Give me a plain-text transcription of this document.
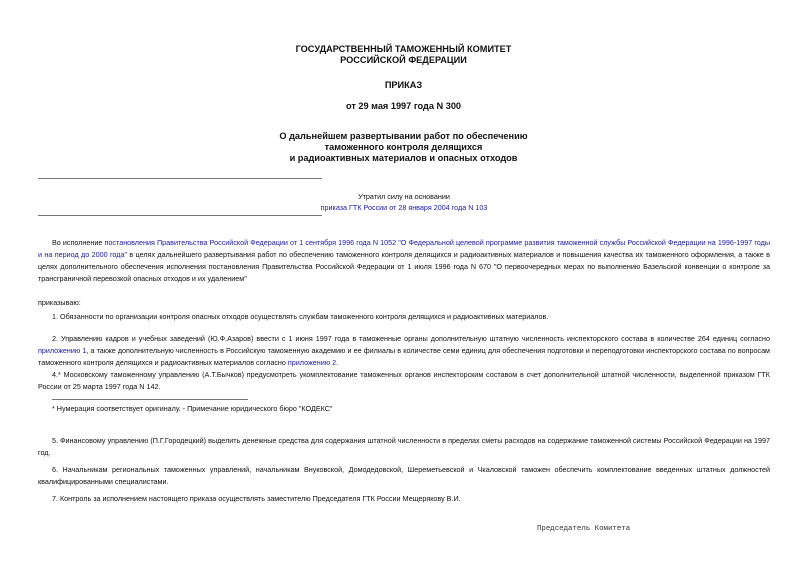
ГОСУДАРСТВЕННЫЙ ТАМОЖЕННЫЙ КОМИТЕТ
РОССИЙСКОЙ ФЕДЕРАЦИИ
ПРИКАЗ
от 29 мая 1997 года N 300
О дальнейшем развертывании работ по обеспечению
таможенного контроля делящихся
и радиоактивных материалов и опасных отходов
Утратил силу на основании
приказа ГТК России от 28 января 2004 года N 103
Во исполнение постановления Правительства Российской Федерации от 1 сентября 1996 года N 1052 "О Федеральной целевой программе развития таможенной службы Российской Федерации на 1996-1997 годы и на период до 2000 года" в целях дальнейшего развертывания работ по обеспечению таможенного контроля делящихся и радиоактивных материалов и повышения качества их таможенного оформления, а также в целях дополнительного обеспечения исполнения постановления Правительства Российской Федерации от 1 июля 1996 года N 670 "О первоочередных мерах по выполнению Базельской конвенции о контроле за трансграничной перевозкой опасных отходов и их удалением"
приказываю:
1. Обязанности по организации контроля опасных отходов осуществлять службам таможенного контроля делящихся и радиоактивных материалов.
2. Управлению кадров и учебных заведений (Ю.Ф.Азаров) ввести с 1 июня 1997 года в таможенные органы дополнительную штатную численность инспекторского состава в количестве 264 единиц согласно приложению 1, а также дополнительную численность в Российскую таможенную академию и ее филиалы в количестве семи единиц для обеспечения подготовки и переподготовки инспекторского состава по вопросам таможенного контроля делящихся и радиоактивных материалов согласно приложению 2.
4.* Московскому таможенному управлению (А.Т.Бычков) предусмотреть укомплектование таможенных органов инспекторским составом в счет дополнительной штатной численности, выделенной приказом ГТК России от 25 марта 1997 года N 142.
* Нумерация соответствует оригиналу. - Примечание юридического бюро "КОДЕКС"
5. Финансовому управлению (П.Г.Городецкий) выделить денежные средства для содержания штатной численности в пределах сметы расходов на содержание таможенной системы Российской Федерации на 1997 год.
6. Начальникам региональных таможенных управлений, начальникам Внуковской, Домодедовской, Шереметьевской и Чкаловской таможен обеспечить комплектование введенных штатных должностей квалифицированными специалистами.
7. Контроль за исполнением настоящего приказа осуществлять заместителю Председателя ГТК России Мещерякову В.И.
Председатель Комитета
